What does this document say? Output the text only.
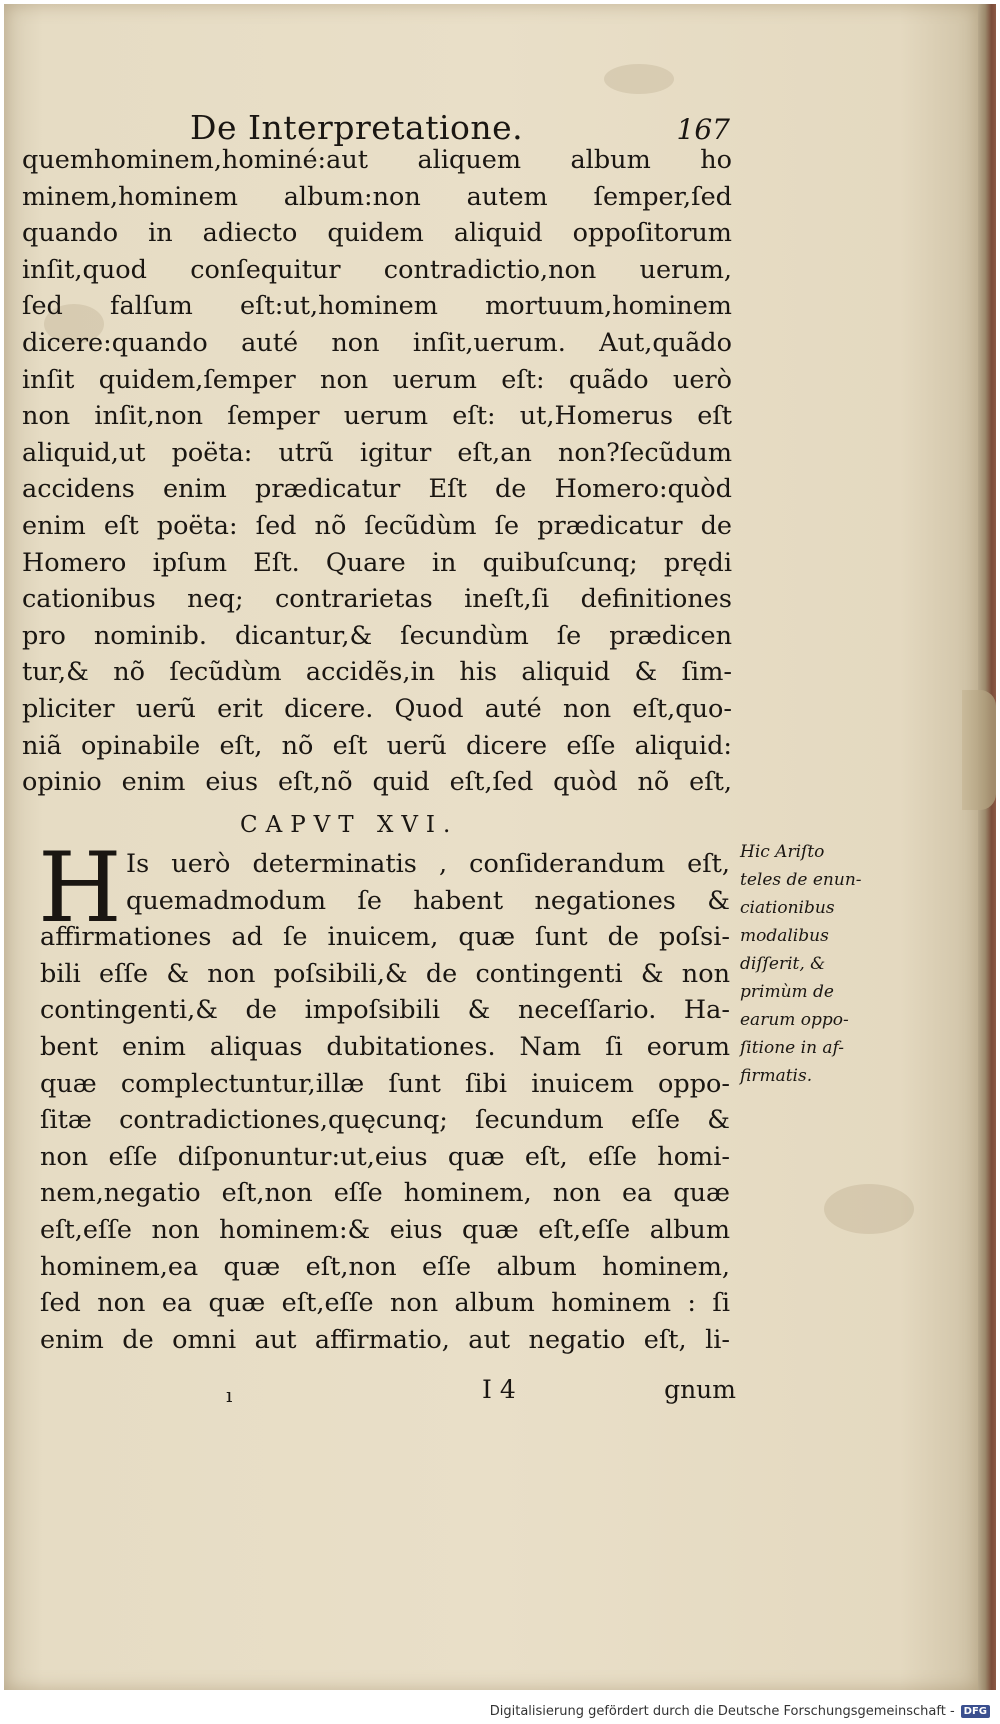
De Interpretatione.	167
quemhominem,hominé:aut aliquem album ho
minem,hominem album:non autem ſemper,ſed
quando in adiecto quidem aliquid oppoſitorum
inſit,quod conſequitur contradictio,non uerum,
ſed falſum eſt:ut,hominem mortuum,hominem
dicere:quando auté non inſit,uerum. Aut,quãdo
inſit quidem,ſemper non uerum eſt: quãdo uerò
non inſit,non ſemper uerum eſt: ut,Homerus eſt
aliquid,ut poëta: utrũ igitur eſt,an non?ſecũdum
accidens enim prædicatur Eſt de Homero:quòd
enim eſt poëta: ſed nõ ſecũdùm ſe prædicatur de
Homero ipſum Eſt. Quare in quibuſcunq; prędi
cationibus neq; contrarietas ineſt,ſi definitiones
pro nominib. dicantur,& ſecundùm ſe prædicen
tur,& nõ ſecũdùm accidẽs,in his aliquid & ſim-
pliciter uerũ erit dicere. Quod auté non eſt,quo-
niã opinabile eſt, nõ eſt uerũ dicere eſſe aliquid:
opinio enim eius eſt,nõ quid eſt,ſed quòd nõ eſt,
CAPVT XVI.
H Is uerò determinatis , conſiderandum eſt,
quemadmodum ſe habent negationes &
affirmationes ad ſe inuicem, quæ ſunt de poſsi-
bili eſſe & non poſsibili,& de contingenti & non
contingenti,& de impoſsibili & neceſſario. Ha-
bent enim aliquas dubitationes. Nam ſi eorum
quæ complectuntur,illæ ſunt ſibi inuicem oppo-
ſitæ contradictiones,quęcunq; ſecundum eſſe &
non eſſe diſponuntur:ut,eius quæ eſt, eſſe homi-
nem,negatio eſt,non eſſe hominem, non ea quæ
eſt,eſſe non hominem:& eius quæ eſt,eſſe album
hominem,ea quæ eſt,non eſſe album hominem,
ſed non ea quæ eſt,eſſe non album hominem : ſi
enim de omni aut affirmatio, aut negatio eſt, li-
Hic Ariſto
teles de enun-
ciationibus
modalibus
diſſerit, &
primùm de
earum oppo-
ſitione in af-
firmatis.
ı	I 4	gnum
Digitalisierung gefördert durch die Deutsche Forschungsgemeinschaft - DFG
